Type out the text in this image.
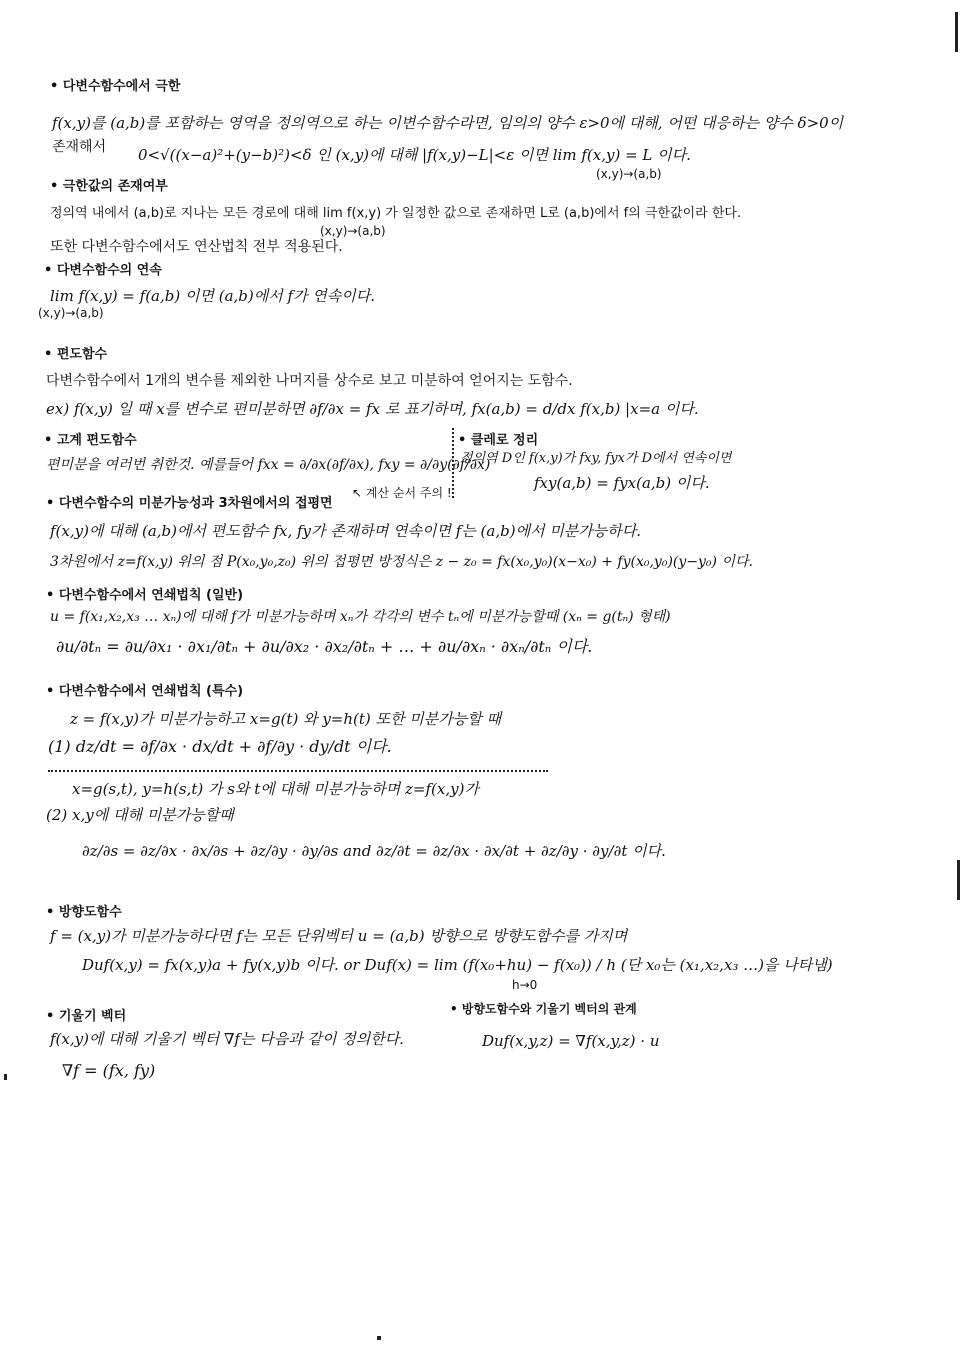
• 다변수함수에서 극한
f(x,y)를 (a,b)를 포함하는 영역을 정의역으로 하는 이변수함수라면, 임의의 양수 ε>0에 대해, 어떤 대응하는 양수 δ>0이
존재해서 0<√((x−a)²+(y−b)²)<δ 인 (x,y)에 대해 |f(x,y)−L|<ε 이면 lim f(x,y) = L 이다.
(x,y)→(a,b)
• 극한값의 존재여부
정의역 내에서 (a,b)로 지나는 모든 경로에 대해 lim f(x,y) 가 일정한 값으로 존재하면 L로 (a,b)에서 f의 극한값이라 한다.
(x,y)→(a,b)
또한 다변수함수에서도 연산법칙 전부 적용된다.
• 다변수함수의 연속
lim f(x,y) = f(a,b) 이면 (a,b)에서 f가 연속이다.
(x,y)→(a,b)
• 편도함수
다변수함수에서 1개의 변수를 제외한 나머지를 상수로 보고 미분하여 얻어지는 도함수.
ex) f(x,y) 일 때 x를 변수로 편미분하면 ∂f/∂x = fx 로 표기하며, fx(a,b) = d/dx f(x,b) |x=a 이다.
• 고계 편도함수
편미분을 여러번 취한것. 예를들어 fxx = ∂/∂x(∂f/∂x), fxy = ∂/∂y(∂f/∂x)
↖ 계산 순서 주의 !
• 클레로 정리
정의역 D인 f(x,y)가 fxy, fyx가 D에서 연속이면
fxy(a,b) = fyx(a,b) 이다.
• 다변수함수의 미분가능성과 3차원에서의 접평면
f(x,y)에 대해 (a,b)에서 편도함수 fx, fy가 존재하며 연속이면 f는 (a,b)에서 미분가능하다.
3차원에서 z=f(x,y) 위의 점 P(x₀,y₀,z₀) 위의 접평면 방정식은 z − z₀ = fx(x₀,y₀)(x−x₀) + fy(x₀,y₀)(y−y₀) 이다.
• 다변수함수에서 연쇄법칙 (일반)
u = f(x₁,x₂,x₃ … xₙ)에 대해 f가 미분가능하며 xₙ가 각각의 변수 tₙ에 미분가능할때 (xₙ = g(tₙ) 형태)
∂u/∂tₙ = ∂u/∂x₁ · ∂x₁/∂tₙ + ∂u/∂x₂ · ∂x₂/∂tₙ + … + ∂u/∂xₙ · ∂xₙ/∂tₙ 이다.
• 다변수함수에서 연쇄법칙 (특수)
z = f(x,y)가 미분가능하고 x=g(t) 와 y=h(t) 또한 미분가능할 때
(1) dz/dt = ∂f/∂x · dx/dt + ∂f/∂y · dy/dt 이다.
x=g(s,t), y=h(s,t) 가 s와 t에 대해 미분가능하며 z=f(x,y)가
(2) x,y에 대해 미분가능할때
∂z/∂s = ∂z/∂x · ∂x/∂s + ∂z/∂y · ∂y/∂s and ∂z/∂t = ∂z/∂x · ∂x/∂t + ∂z/∂y · ∂y/∂t 이다.
• 방향도함수
f = (x,y)가 미분가능하다면 f는 모든 단위벡터 u = (a,b) 방향으로 방향도함수를 가지며
Duf(x,y) = fx(x,y)a + fy(x,y)b 이다. or Duf(x) = lim (f(x₀+hu) − f(x₀)) / h (단 x₀는 (x₁,x₂,x₃ …)을 나타냄)
h→0
• 기울기 벡터	• 방향도함수와 기울기 벡터의 관계
f(x,y)에 대해 기울기 벡터 ∇f는 다음과 같이 정의한다.	Duf(x,y,z) = ∇f(x,y,z) · u
∇f = (fx, fy)
